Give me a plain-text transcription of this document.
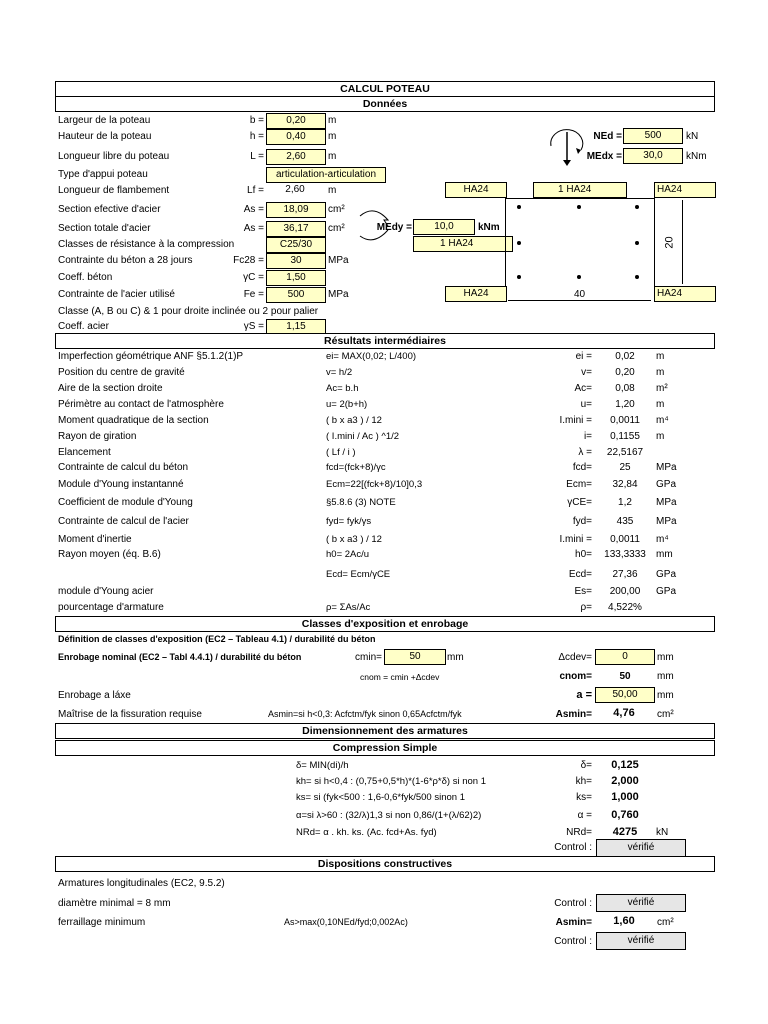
CALCUL POTEAU
Données
Largeur de la poteau	b =	0,20	m
Hauteur de la poteau	h =	0,40	m
Longueur libre du poteau	L =	2,60	m
Type d'appui poteau	articulation-articulation
Longueur de flambement	Lf =	2,60	m
Section efective d'acier	As =	18,09	cm²
Section totale d'acier	As =	36,17	cm²
Classes de résistance à la compression	C25/30
Contrainte du béton a 28 jours	Fc28 =	30	MPa
Coeff. béton	γC =	1,50
Contrainte de l'acier utilisé	Fe =	500	MPa
Classe (A, B ou C) & 1 pour droite inclinée ou 2 pour palier
Coeff. acier	γS =	1,15
NEd =	500	kN
MEdx =	30,0	kNm
MEdy =	10,0	kNm
HA24	1 HA24	HA24
1 HA24
HA24	HA24
40
20
Résultats intermédiaires
Imperfection géométrique ANF §5.1.2(1)P	ei= MAX(0,02; L/400)	ei =	0,02	m
Position du centre de gravité	v= h/2	v=	0,20	m
Aire de la section droite	Ac= b.h	Ac=	0,08	m²
Périmètre au contact de l'atmosphère	u= 2(b+h)	u=	1,20	m
Moment quadratique de la section	( b x a3 ) / 12	I.mini =	0,0011	m⁴
Rayon de giration	( I.mini / Ac ) ^1/2	i=	0,1155	m
Elancement	( Lf / i )	λ =	22,5167
Contrainte de calcul du béton	fcd=(fck+8)/γc	fcd=	25	MPa
Module d'Young instantanné	Ecm=22[(fck+8)/10]0,3	Ecm=	32,84	GPa
Coefficient de module d'Young	§5.8.6 (3) NOTE	γCE=	1,2	MPa
Contrainte de calcul de l'acier	fyd= fyk/γs	fyd=	435	MPa
Moment d'inertie	( b x a3 ) / 12	I.mini =	0,0011	m⁴
Rayon moyen (éq. B.6)	h0= 2Ac/u	h0=	133,3333	mm
Ecd= Ecm/γCE	Ecd=	27,36	GPa
module d'Young acier	Es=	200,00	GPa
pourcentage d'armature	ρ= ΣAs/Ac	ρ=	4,522%
Classes d'exposition et enrobage
Définition de classes d'exposition (EC2 – Tableau 4.1) / durabilité du béton
Enrobage nominal (EC2 – Tabl 4.4.1) / durabilité du béton	cmin=	50	mm	Δcdev=	0	mm
cnom = cmin +Δcdev	cnom=	50	mm
Enrobage a láxe	a =	50,00	mm
Maîtrise de la fissuration requise	Asmin=si h<0,3: Acfctm/fyk sinon 0,65Acfctm/fyk	Asmin=	4,76	cm²
Dimensionnement des armatures
Compression Simple
δ= MIN(di)/h	δ=	0,125
kh= si h<0,4 : (0,75+0,5*h)*(1-6*ρ*δ) si non 1	kh=	2,000
ks= si (fyk<500 : 1,6-0,6*fyk/500 sinon 1	ks=	1,000
α=si λ>60 : (32/λ)1,3 si non 0,86/(1+(λ/62)2)	α =	0,760
NRd= α . kh. ks. (Ac. fcd+As. fyd)	NRd=	4275	kN
Control :	vérifié
Dispositions constructives
Armatures longitudinales (EC2, 9.5.2)
diamètre minimal = 8 mm	Control :	vérifié
ferraillage minimum	As>max(0,10NEd/fyd;0,002Ac)	Asmin=	1,60	cm²
Control :	vérifié
